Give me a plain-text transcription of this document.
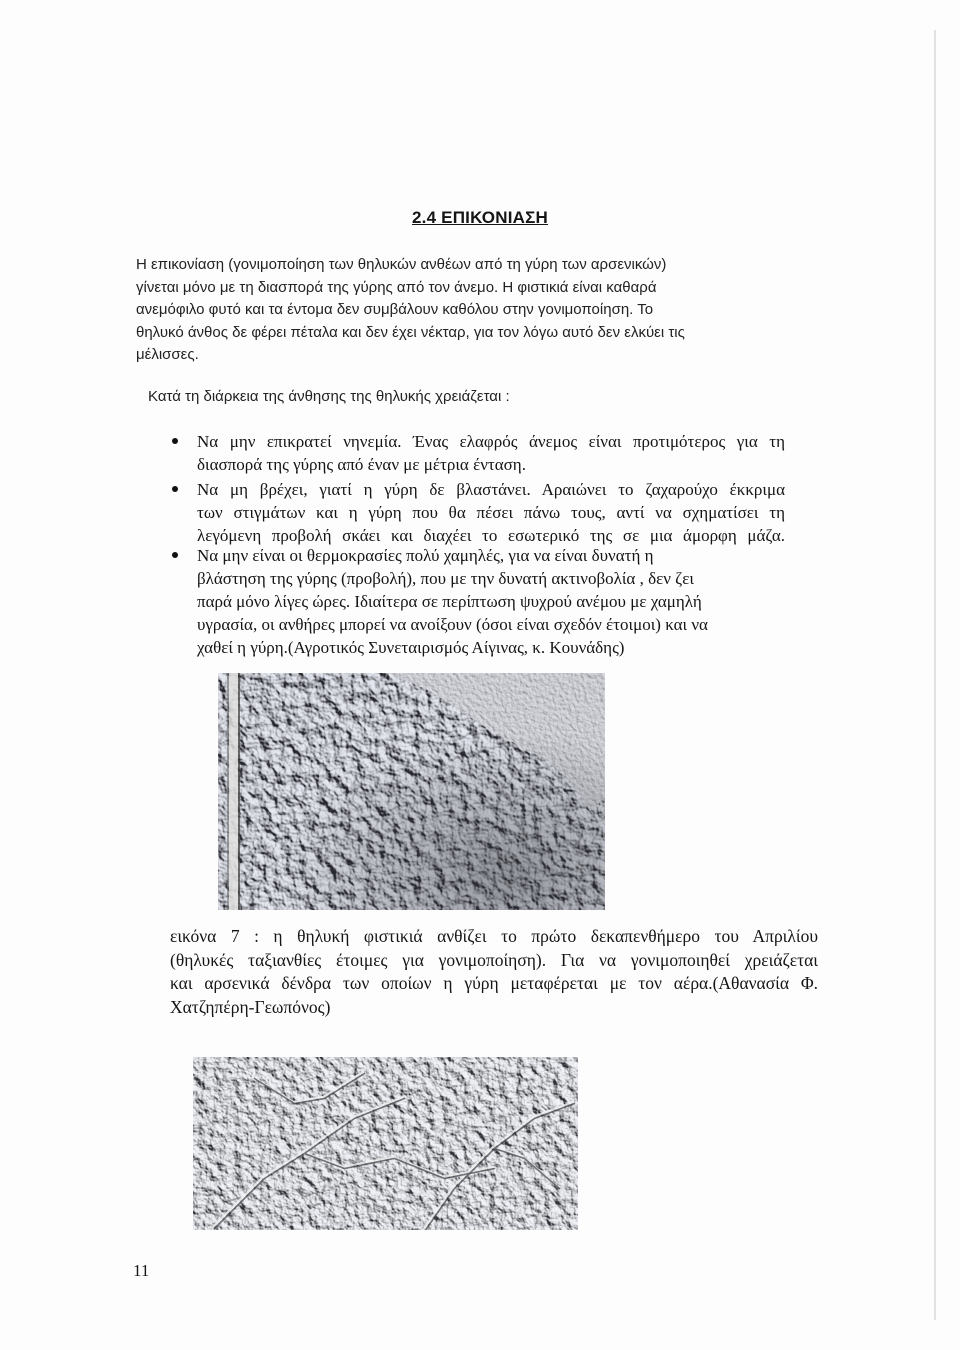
2.4 ΕΠΙΚΟΝΙΑΣΗ
Η επικονίαση (γονιμοποίηση των θηλυκών ανθέων από τη γύρη των αρσενικών)
γίνεται μόνο με τη διασπορά της γύρης από τον άνεμο. Η φιστικιά είναι καθαρά
ανεμόφιλο φυτό και τα έντομα δεν συμβάλουν καθόλου στην γονιμοποίηση. Το
θηλυκό άνθος δε φέρει πέταλα και δεν έχει νέκταρ, για τον λόγω αυτό δεν ελκύει τις
μέλισσες.
Κατά τη διάρκεια της άνθησης της θηλυκής χρειάζεται :
Να μην επικρατεί νηνεμία. Ένας ελαφρός άνεμος είναι προτιμότερος για τη
διασπορά της γύρης από έναν με μέτρια ένταση.
Να μη βρέχει, γιατί η γύρη δε βλαστάνει. Αραιώνει το ζαχαρούχο έκκριμα
των στιγμάτων και η γύρη που θα πέσει πάνω τους, αντί να σχηματίσει τη
λεγόμενη προβολή σκάει και διαχέει το εσωτερικό της σε μια άμορφη μάζα.
Να μην είναι οι θερμοκρασίες πολύ χαμηλές, για να είναι δυνατή η
βλάστηση της γύρης (προβολή), που με την δυνατή ακτινοβολία , δεν ζει
παρά μόνο λίγες ώρες. Ιδιαίτερα σε περίπτωση ψυχρού ανέμου με χαμηλή
υγρασία, οι ανθήρες μπορεί να ανοίξουν (όσοι είναι σχεδόν έτοιμοι) και να
χαθεί η γύρη.(Αγροτικός Συνεταιρισμός Αίγινας, κ. Κουνάδης)
εικόνα 7 : η θηλυκή φιστικιά ανθίζει το πρώτο δεκαπενθήμερο του Απριλίου
(θηλυκές ταξιανθίες έτοιμες για γονιμοποίηση). Για να γονιμοποιηθεί χρειάζεται
και αρσενικά δένδρα των οποίων η γύρη μεταφέρεται με τον αέρα.(Αθανασία Φ.
Χατζηπέρη-Γεωπόνος)
11
